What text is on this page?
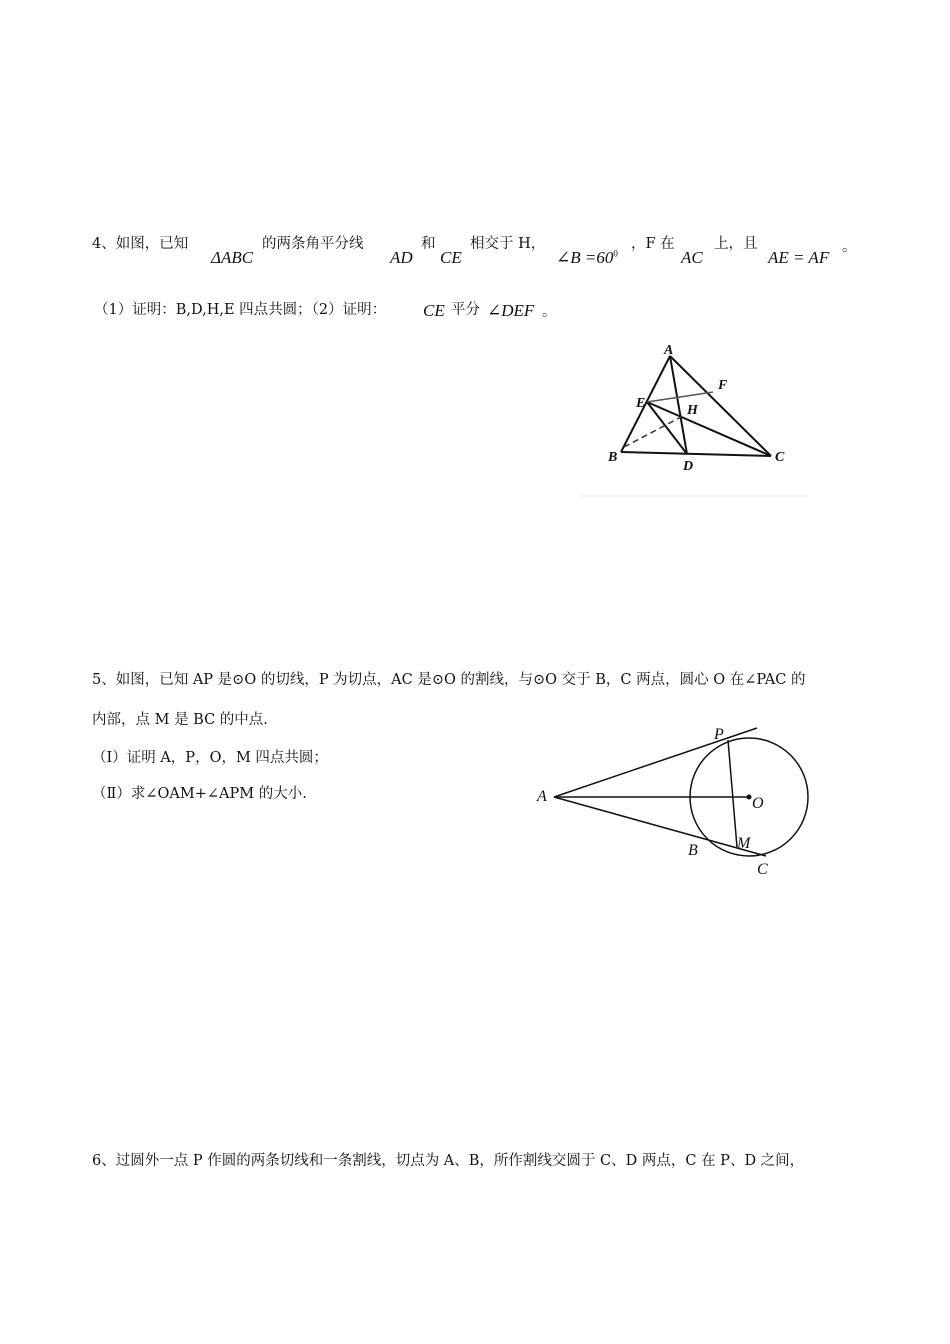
4、如图，已知
ΔABC
的两条角平分线
AD
和
CE
相交于 H，
∠B $=60^0$
，F 在
AC
上，且
AE = AF
。
（1）证明：B,D,H,E 四点共圆；（2）证明： CE 平分 ∠DEF 。
A
F
E	H
B
D
C
5、如图，已知 AP 是⊙O 的切线，P 为切点，AC 是⊙O 的割线，与⊙O 交于 B，C 两点，圆心 O 在∠PAC 的
内部，点 M 是 BC 的中点.
（Ⅰ）证明 A，P，O，M 四点共圆；
（Ⅱ）求∠OAM+∠APM 的大小.	A
P
O
B M
C
6、过圆外一点 P 作圆的两条切线和一条割线，切点为 A、B，所作割线交圆于 C、D 两点，C 在 P、D 之间，
